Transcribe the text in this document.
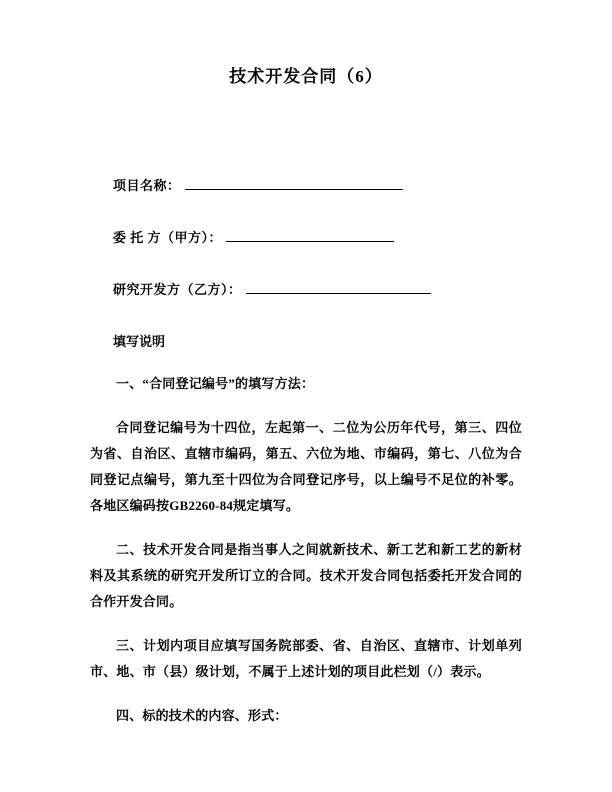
技术开发合同（6）
项目名称：
委 托 方（甲方）：
研究开发方（乙方）：
填写说明

一、“合同登记编号”的填写方法：

合同登记编号为十四位，左起第一、二位为公历年代号，第三、四位为省、自治区、直辖市编码，第五、六位为地、市编码，第七、八位为合同登记点编号，第九至十四位为合同登记序号，以上编号不足位的补零。各地区编码按GB2260-84规定填写。

二、技术开发合同是指当事人之间就新技术、新工艺和新工艺的新材料及其系统的研究开发所订立的合同。技术开发合同包括委托开发合同的合作开发合同。

三、计划内项目应填写国务院部委、省、自治区、直辖市、计划单列市、地、市（县）级计划，不属于上述计划的项目此栏划（/）表示。

四、标的技术的内容、形式：
